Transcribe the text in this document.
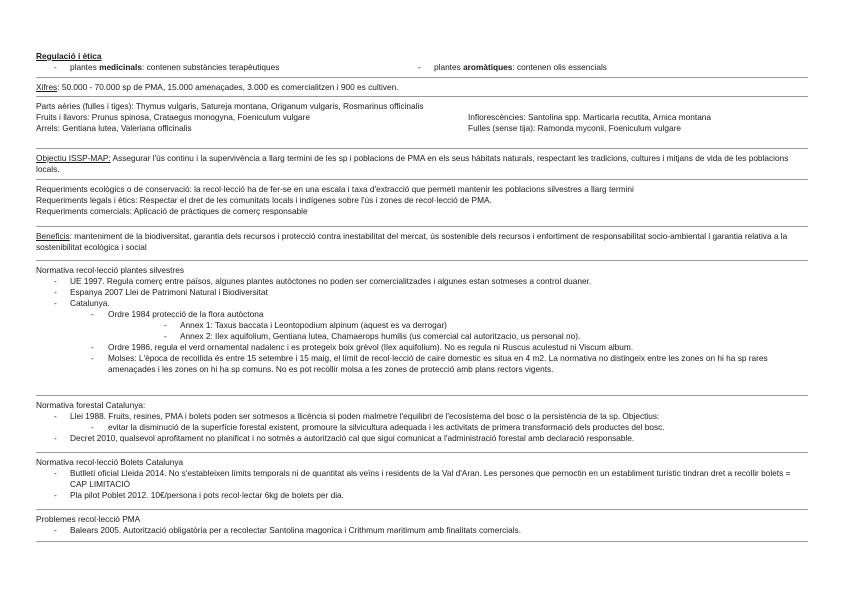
Regulació i ètica
- plantes medicinals: contenen substàncies terapèutiques
-	plantes aromàtiques: contenen olis essencials
Xifres: 50.000 - 70.000 sp de PMA, 15.000 amenaçades, 3.000 es comercialitzen i 900 es cultiven.
Parts aèries (fulles i tiges): Thymus vulgaris, Satureja montana, Origanum vulgaris, Rosmarinus officinalis
Fruits i llavors: Prunus spinosa, Crataegus monogyna, Foeniculum vulgare	Inflorescències: Santolina spp. Marticaria recutita, Arnica montana
Arrels: Gentiana lutea, Valeriana officinalis	Fulles (sense tija): Ramonda myconii, Foeniculum vulgare
Objectiu ISSP-MAP: Assegurar l'ús continu i la supervivència a llarg termini de les sp i poblacions de PMA en els seus hàbitats naturals, respectant les tradicions, cultures i mitjans de vida de les poblacions locals.
Requeriments ecològics o de conservació: la recol·lecció ha de fer-se en una escala i taxa d'extracció que permeti mantenir les poblacions silvestres a llarg termini
Requeriments legals i ètics: Respectar el dret de les comunitats locals i indígenes sobre l'ús i zones de recol·lecció de PMA.
Requeriments comercials: Aplicació de pràctiques de comerç responsable
Beneficis: manteniment de la biodiversitat, garantia dels recursos i protecció contra inestabilitat del mercat, ús sostenible dels recursos i enfortiment de responsabilitat socio-ambiental i garantia relativa a la sostenibilitat ecològica i social
Normativa recol·lecció plantes silvestres
- UE 1997. Regula comerç entre països, algunes plantes autòctones no poden ser comercialitzades i algunes estan sotmeses a control duaner.
- Espanya 2007 Llei de Patrimoni Natural i Biodiversitat
- Catalunya.
- Ordre 1984 protecció de la flora autòctona
- Annex 1: Taxus baccata i Leontopodium alpinum (aquest es va derrogar)
- Annex 2: Ilex aquifolium, Gentiana lutea, Chamaerops humilis (us comercial cal autoritzacio, us personal no).
- Ordre 1986, regula el verd ornamental nadalenc i es protegeix boix grèvol (Ilex aquifolium). No es regula ni Ruscus aculestud ni Viscum album.
- Molses: L'època de recollida és entre 15 setembre i 15 maig, el límit de recol·lecció de caire domestic es situa en 4 m2. La normativa no distingeix entre les zones on hi ha sp rares amenaçades i les zones on hi ha sp comuns. No es pot recollir molsa a les zones de protecció amb plans rectors vigents.
Normativa forestal Catalunya:
- Llei 1988. Fruits, resines, PMA i bolets poden ser sotmesos a llicència si poden malmetre l'equilibri de l'ecosistema del bosc o la persistència de la sp. Objectius:
- evitar la disminució de la superfície forestal existent, promoure la silvicultura adequada i les activitats de primera transformació dels productes del bosc.
- Decret 2010, qualsevol aprofitament no planificat i no sotmès a autorització cal que sigui comunicat a l'administració forestal amb declaració responsable.
Normativa recol·lecció Bolets Catalunya
- Butlletí oficial Lleida 2014. No s'estableixen límits temporals ni de quantitat als veïns i residents de la Val d'Aran. Les persones que pernoctin en un establiment turístic tindran dret a recollir bolets = CAP LIMITACIÓ
- Pla pilot Poblet 2012. 10€/persona i pots recol·lectar 6kg de bolets per dia.
Problemes recol·lecció PMA
- Balears 2005. Autorització obligatòria per a recolectar Santolina magonica i Crithmum maritimum amb finalitats comercials.
